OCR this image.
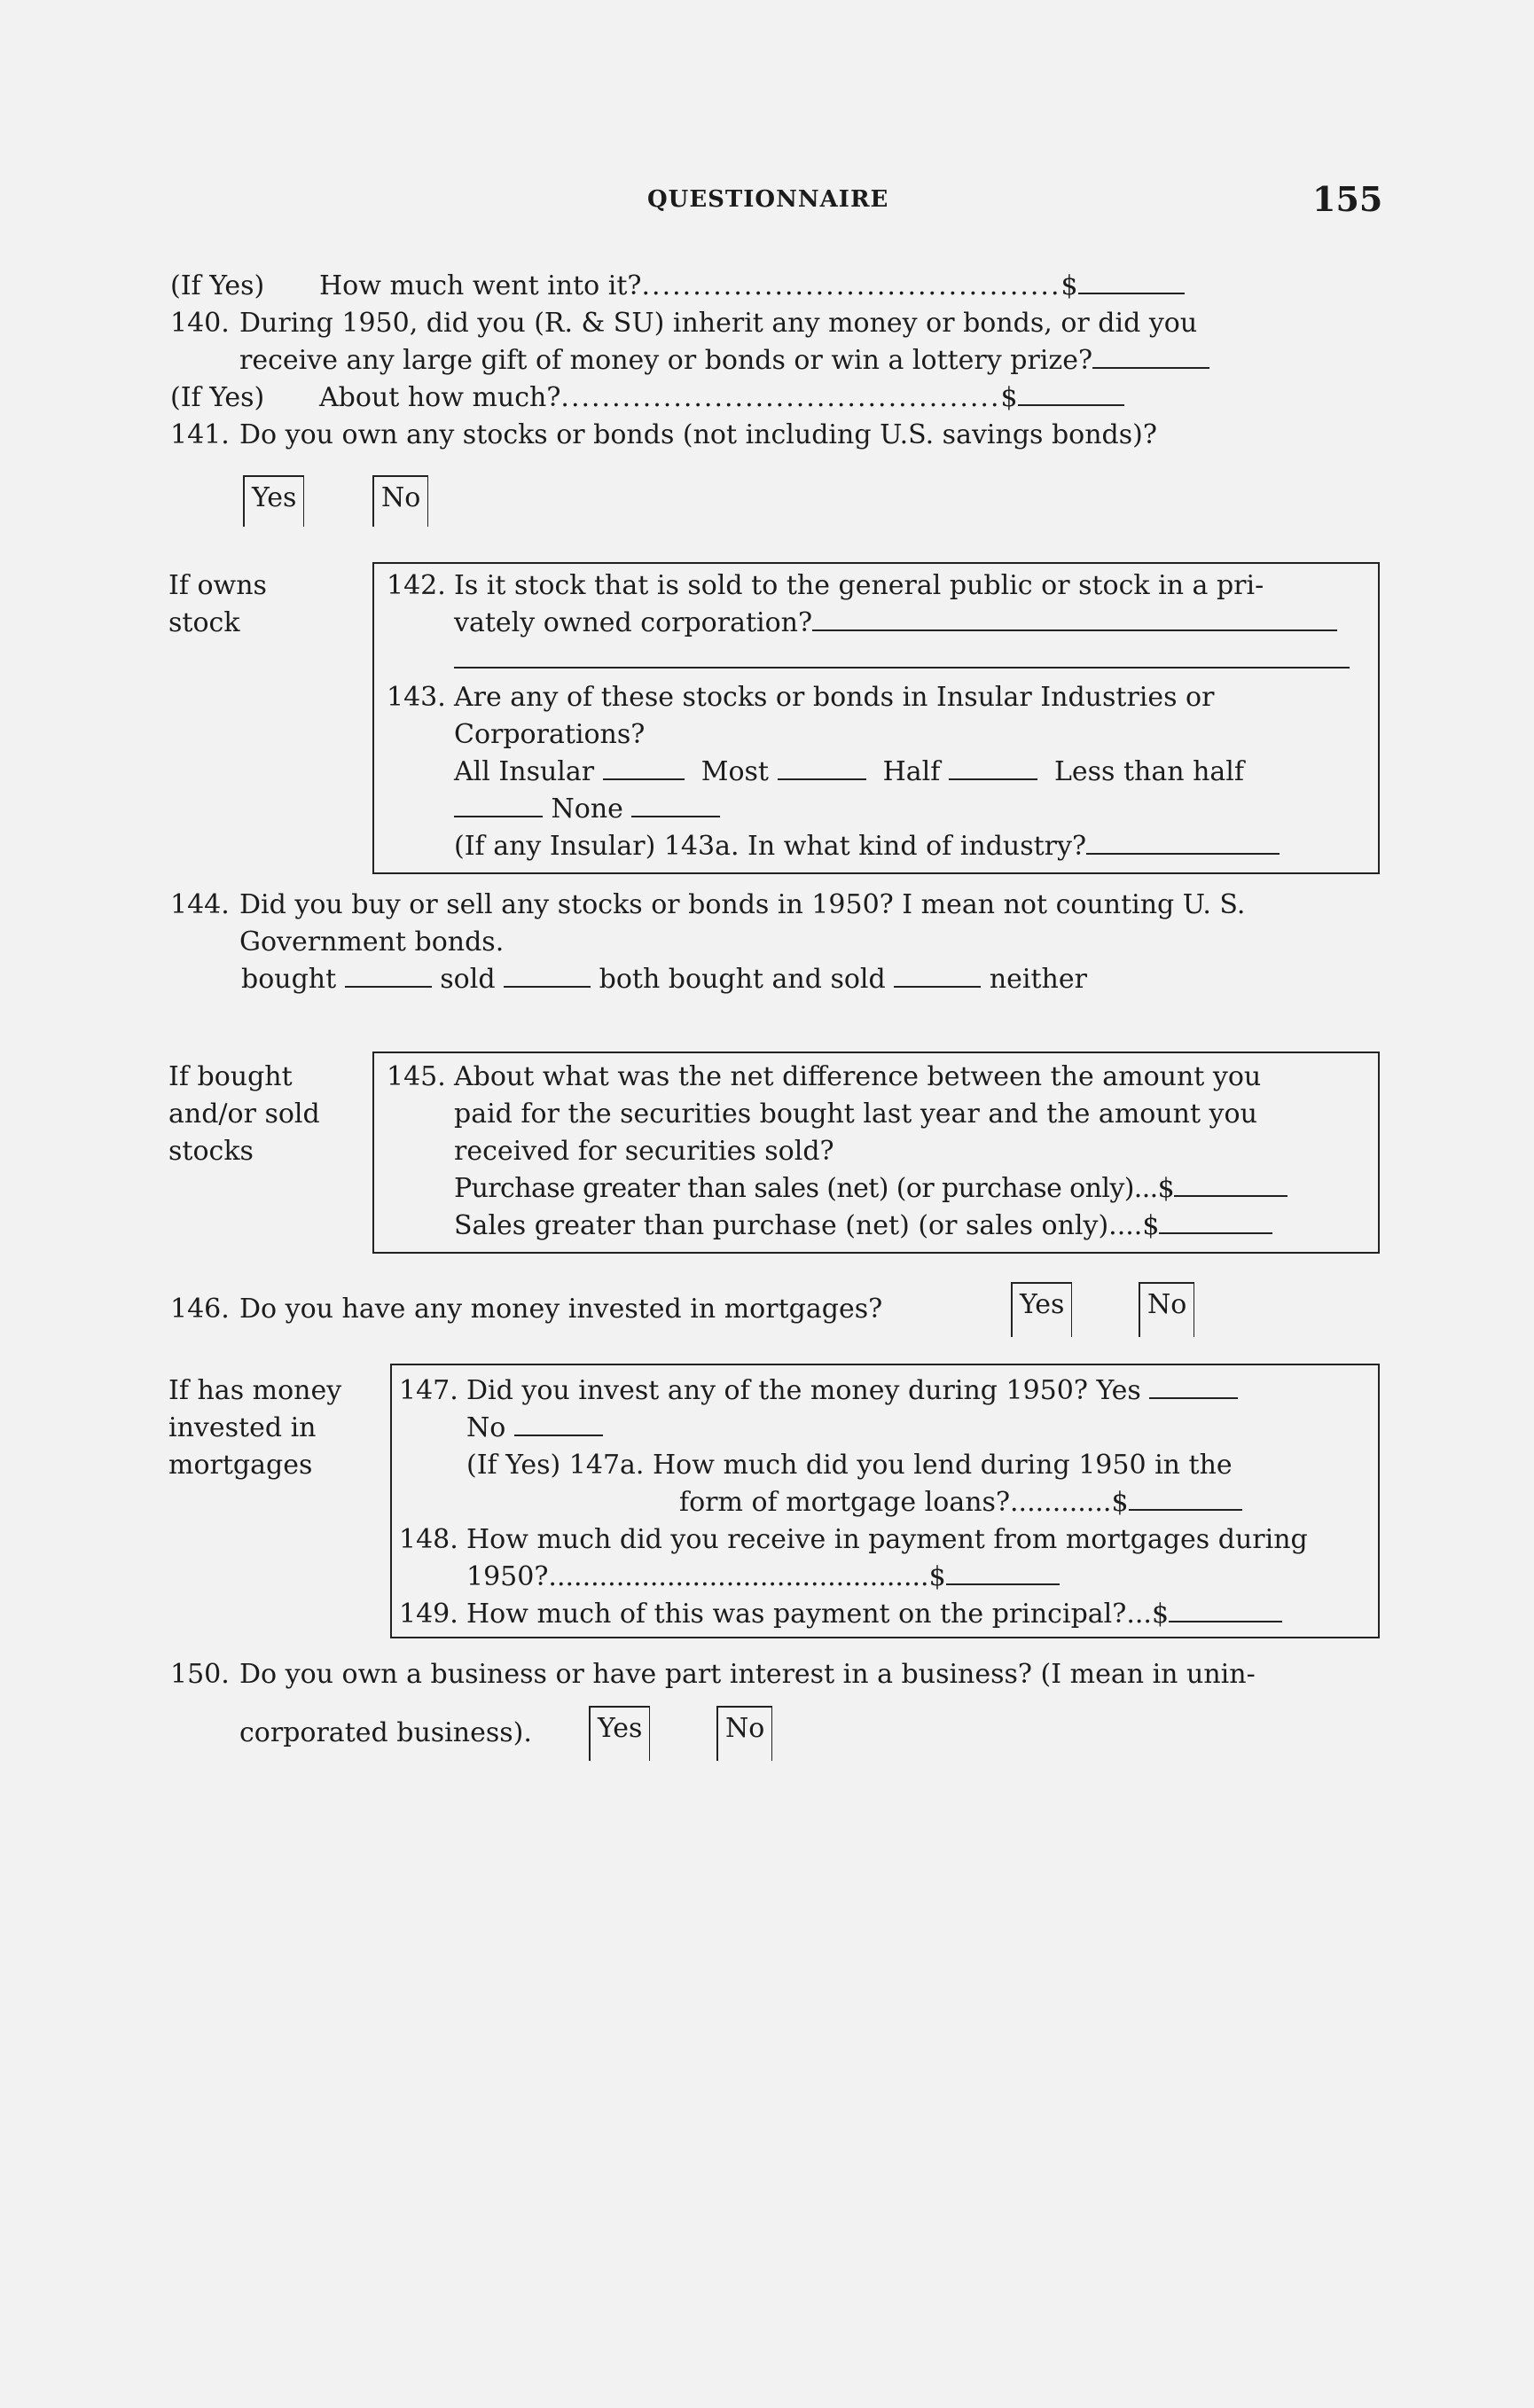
QUESTIONNAIRE	155
(If Yes) How much went into it?.........................................$
140. During 1950, did you (R. & SU) inherit any money or bonds, or did you
receive any large gift of money or bonds or win a lottery prize?
(If Yes) About how much?...........................................$
141. Do you own any stocks or bonds (not including U.S. savings bonds)?
Yes	No
If owns
stock
142. Is it stock that is sold to the general public or stock in a pri-
vately owned corporation?
143. Are any of these stocks or bonds in Insular Industries or
Corporations?
All Insular	Most	Half	Less than half
None
(If any Insular) 143a. In what kind of industry?
144. Did you buy or sell any stocks or bonds in 1950? I mean not counting U. S.
Government bonds.
bought	sold	both bought and sold	neither
If bought
and/or sold
stocks
145. About what was the net difference between the amount you
paid for the securities bought last year and the amount you
received for securities sold?
Purchase greater than sales (net) (or purchase only)...$
Sales greater than purchase (net) (or sales only)....$
146. Do you have any money invested in mortgages?	Yes	No
If has money
invested in
mortgages
147. Did you invest any of the money during 1950? Yes
No
(If Yes) 147a. How much did you lend during 1950 in the
form of mortgage loans?............$
148. How much did you receive in payment from mortgages during
1950?.............................................$
149. How much of this was payment on the principal?...$
150. Do you own a business or have part interest in a business? (I mean in unin-
corporated business).	Yes	No
